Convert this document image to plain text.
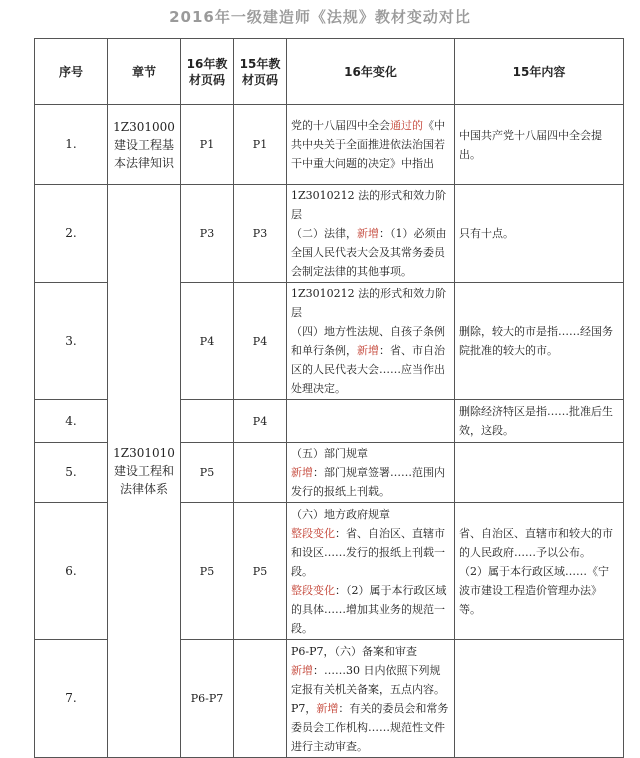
2016年一级建造师《法规》教材变动对比
序号	章节	16年教材页码	15年教材页码	16年变化	15年内容
1.	1Z301000建设工程基本法律知识	P1	P1	党的十八届四中全会通过的《中共中央关于全面推进依法治国若干中重大问题的决定》中指出	中国共产党十八届四中全会提出。
2.	1Z301010建设工程和法律体系	P3	P3	1Z3010212 法的形式和效力阶层
（二）法律，新增：（1）必须由全国人民代表大会及其常务委员会制定法律的其他事项。	只有十点。
3.		P4	P4	1Z3010212 法的形式和效力阶层
（四）地方性法规、自孩子条例和单行条例，新增：省、市自治区的人民代表大会……应当作出处理决定。	删除，较大的市是指……经国务院批准的较大的市。
4.			P4		删除经济特区是指……批准后生效，这段。
5.		P5		（五）部门规章
新增：部门规章签署……范围内发行的报纸上刊载。	
6.		P5	P5	（六）地方政府规章
整段变化：省、自治区、直辖市和设区……发行的报纸上刊载一段。
整段变化：（2）属于本行政区域的具体……增加其业务的规范一段。	省、自治区、直辖市和较大的市的人民政府……予以公布。
（2）属于本行政区域……《宁波市建设工程造价管理办法》等。

7.		P6-P7		P6-P7，（六）备案和审查
新增：……30 日内依照下列规定报有关机关备案，五点内容。
P7，新增：有关的委员会和常务委员会工作机构……规范性文件进行主动审查。	
